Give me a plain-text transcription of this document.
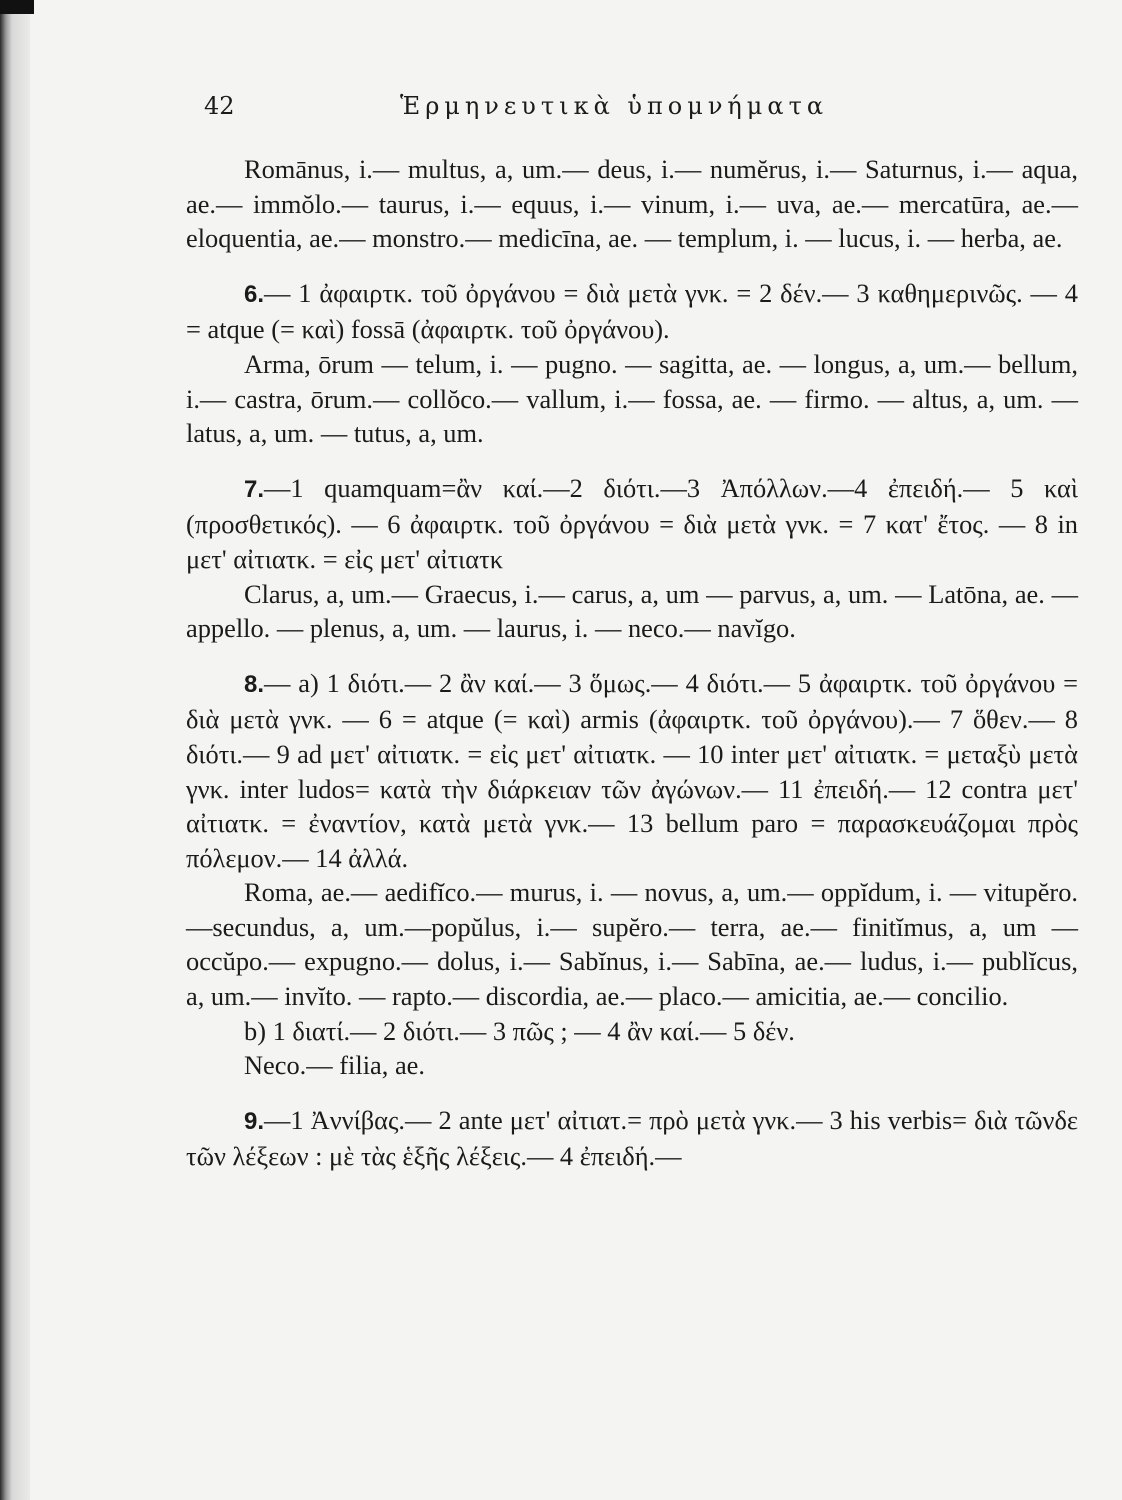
42	Ἑρμηνευτικὰ ὑπομνήματα

Romānus, i.— multus, a, um.— deus, i.— numĕrus, i.— Saturnus, i.— aqua, ae.— immŏlo.— taurus, i.— equus, i.— vinum, i.— uva, ae.— mercatūra, ae.— eloquentia, ae.— monstro.— medicīna, ae. — templum, i. — lucus, i. — herba, ae.

6.— 1 ἀφαιρτκ. τοῦ ὀργάνου = διὰ μετὰ γνκ. = 2 δέν.— 3 καθημερινῶς. — 4 = atque (= καὶ) fossā (ἀφαιρτκ. τοῦ ὀργάνου).

Arma, ōrum — telum, i. — pugno. — sagitta, ae. — longus, a, um.— bellum, i.— castra, ōrum.— collŏco.— vallum, i.— fossa, ae. — firmo. — altus, a, um. — latus, a, um. — tutus, a, um.

7.—1 quamquam=ἂν καί.—2 διότι.—3 Ἀπόλλων.—4 ἐπειδή.— 5 καὶ (προσθετικός). — 6 ἀφαιρτκ. τοῦ ὀργάνου = διὰ μετὰ γνκ. = 7 κατ' ἔτος. — 8 in μετ' αἰτιατκ. = εἰς μετ' αἰτιατκ

Clarus, a, um.— Graecus, i.— carus, a, um — parvus, a, um. — Latōna, ae. — appello. — plenus, a, um. — laurus, i. — neco.— navĭgo.

8.— a) 1 διότι.— 2 ἂν καί.— 3 ὅμως.— 4 διότι.— 5 ἀφαιρτκ. τοῦ ὀργάνου = διὰ μετὰ γνκ. — 6 = atque (= καὶ) armis (ἀφαιρτκ. τοῦ ὀργάνου).— 7 ὅθεν.— 8 διότι.— 9 ad μετ' αἰτιατκ. = εἰς μετ' αἰτιατκ. — 10 inter μετ' αἰτιατκ. = μεταξὺ μετὰ γνκ. inter ludos= κατὰ τὴν διάρκειαν τῶν ἀγώνων.— 11 ἐπειδή.— 12 contra μετ' αἰτιατκ. = ἐναντίον, κατὰ μετὰ γνκ.— 13 bellum paro = παρασκευάζομαι πρὸς πόλεμον.— 14 ἀλλά.

Roma, ae.— aedifĭco.— murus, i. — novus, a, um.— oppĭdum, i. — vitupĕro.—secundus, a, um.—popŭlus, i.— supĕro.— terra, ae.— finitĭmus, a, um — occŭpo.— expugno.— dolus, i.— Sabĭnus, i.— Sabīna, ae.— ludus, i.— publĭcus, a, um.— invĭto. — rapto.— discordia, ae.— placo.— amicitia, ae.— concilio.

b) 1 διατί.— 2 διότι.— 3 πῶς ; — 4 ἂν καί.— 5 δέν.

Neco.— filia, ae.

9.—1 Ἀννίβας.— 2 ante μετ' αἰτιατ.= πρὸ μετὰ γνκ.— 3 his verbis= διὰ τῶνδε τῶν λέξεων : μὲ τὰς ἑξῆς λέξεις.— 4 ἐπειδή.—
